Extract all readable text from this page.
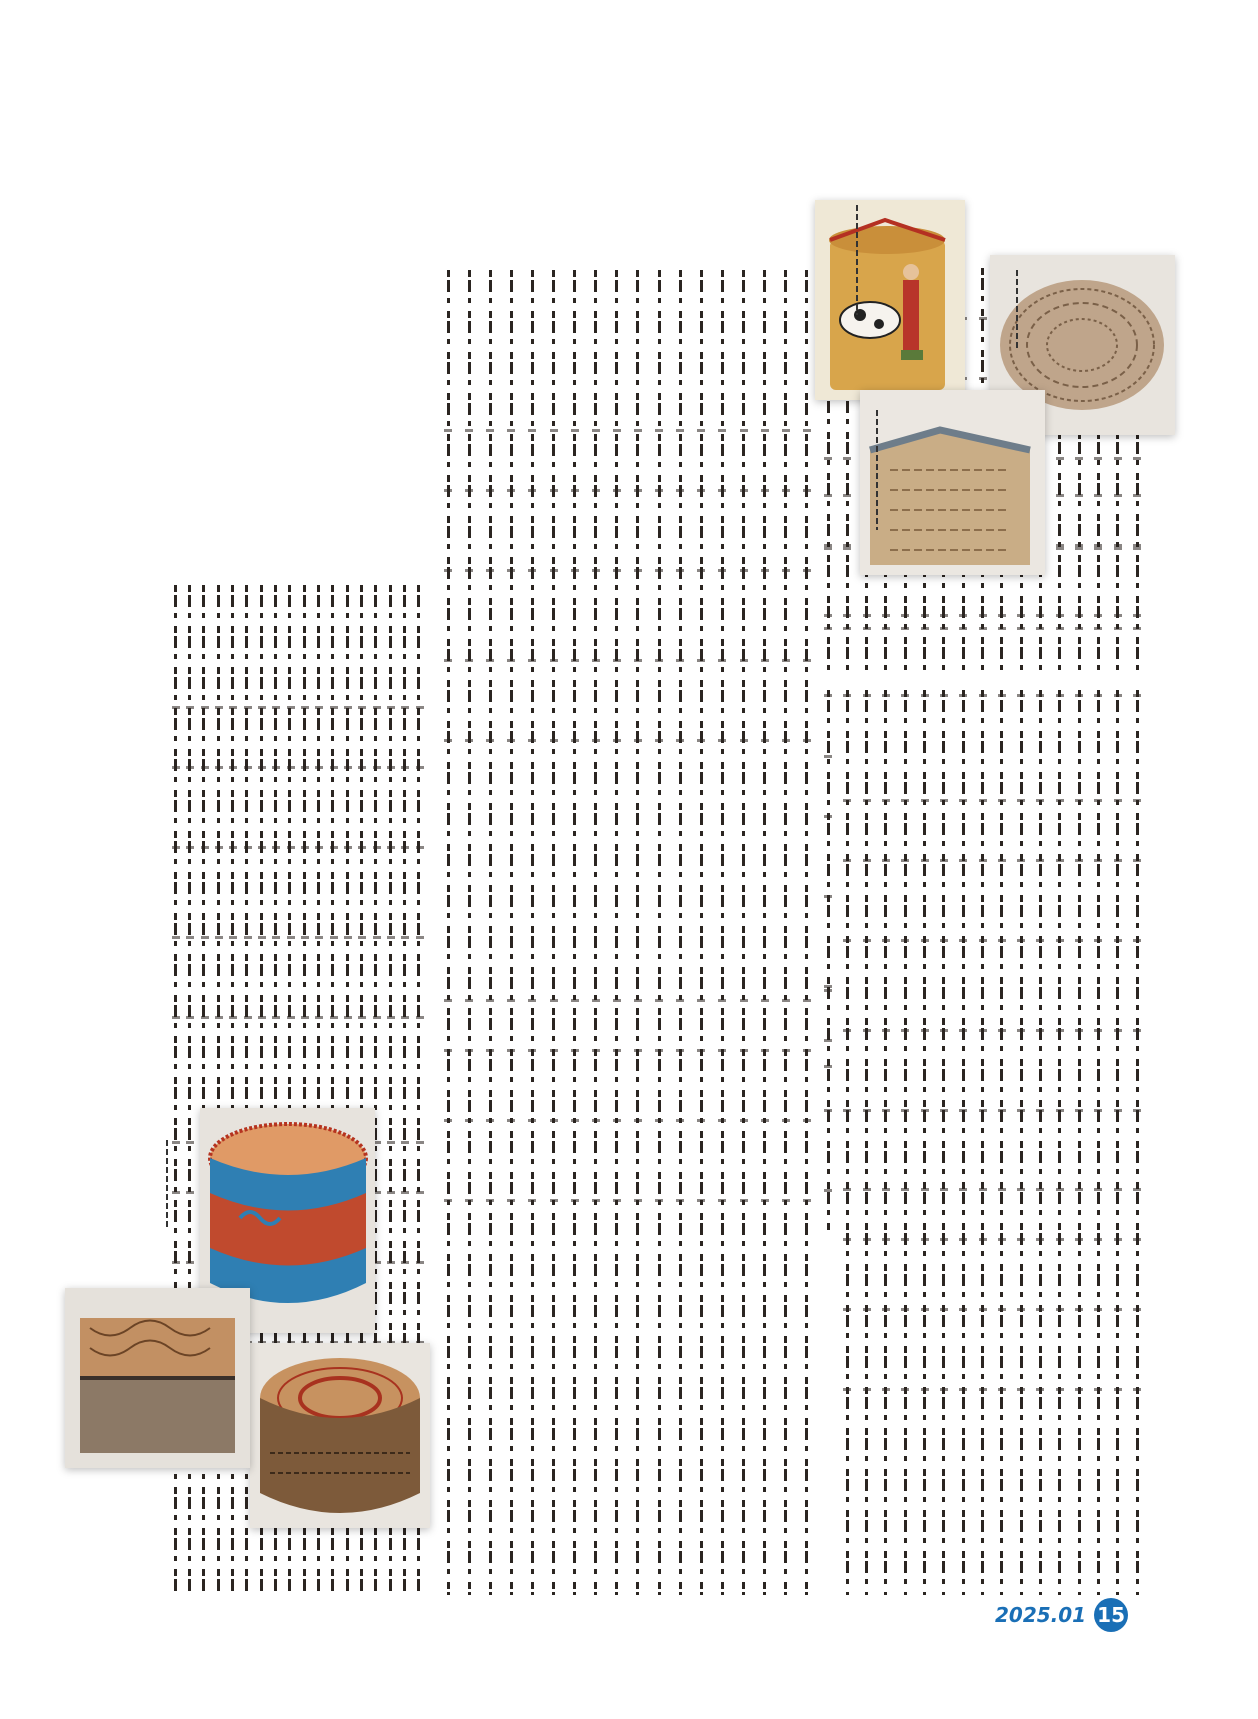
2025.01 15
